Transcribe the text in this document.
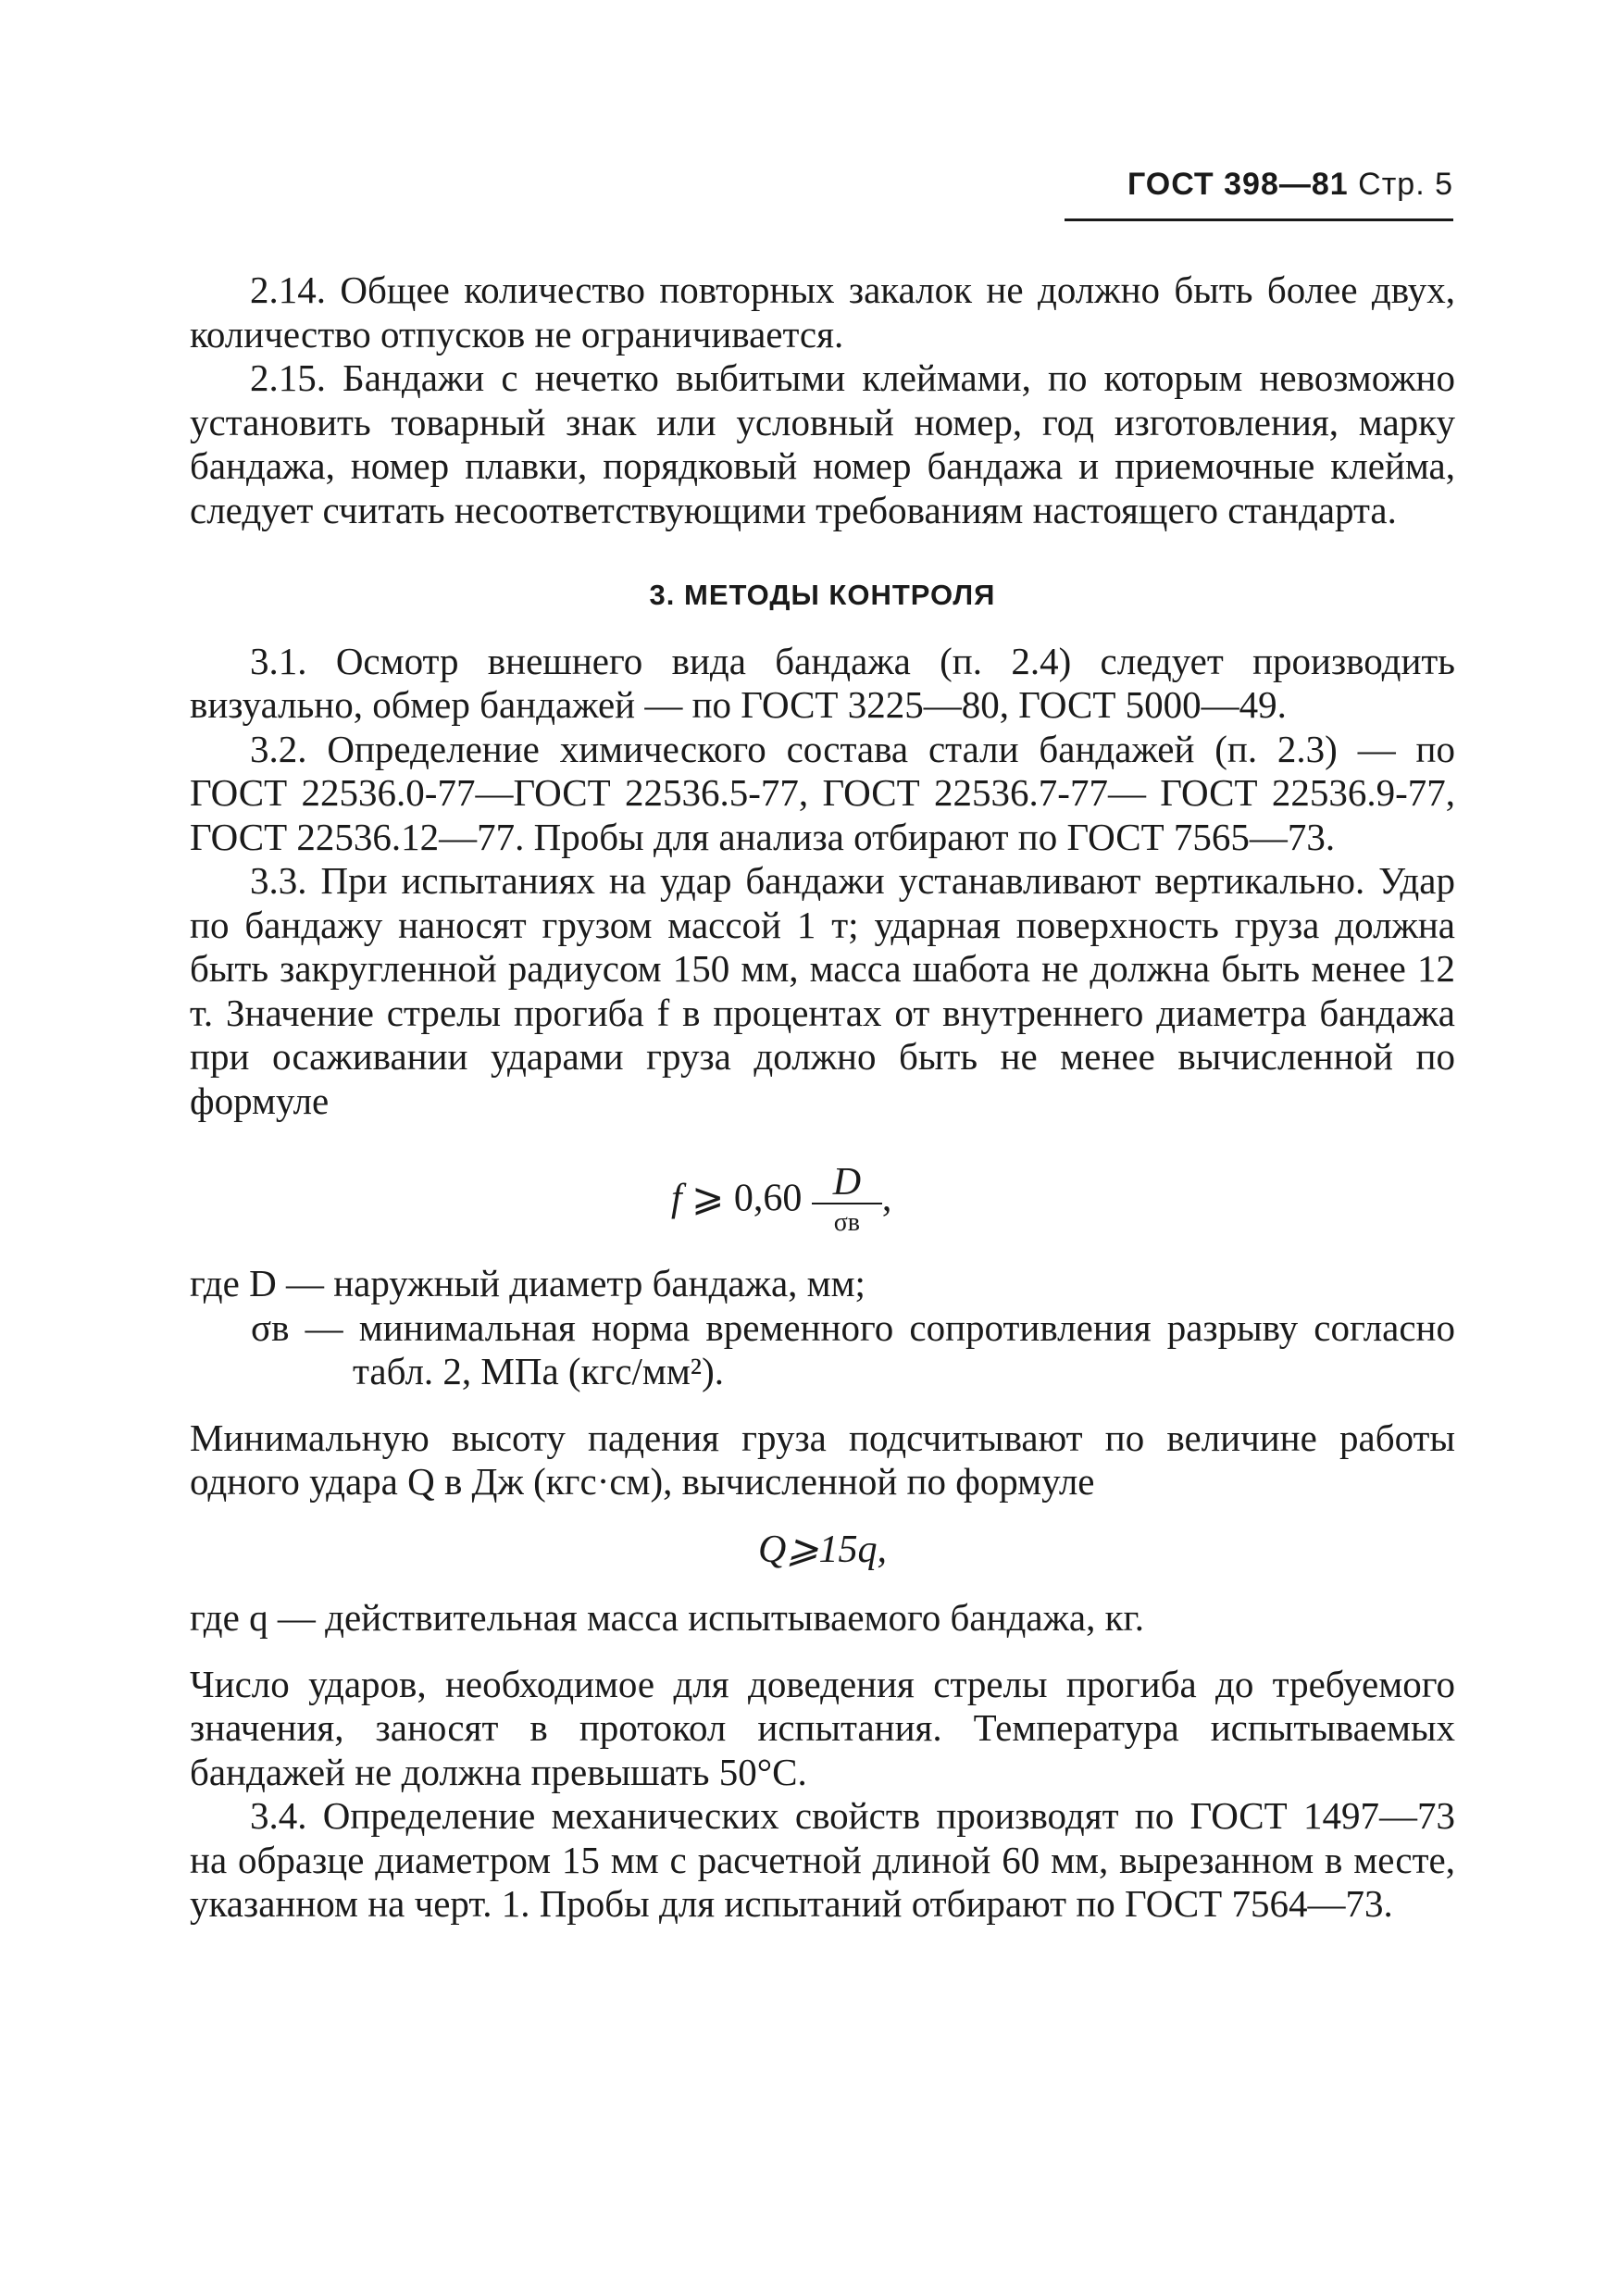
ГОСТ 398—81 Стр. 5

2.14. Общее количество повторных закалок не должно быть более двух, количество отпусков не ограничивается.

2.15. Бандажи с нечетко выбитыми клеймами, по которым невозможно установить товарный знак или условный номер, год изготовления, марку бандажа, номер плавки, порядковый номер бандажа и приемочные клейма, следует считать несоответствующими требованиям настоящего стандарта.

3. МЕТОДЫ КОНТРОЛЯ

3.1. Осмотр внешнего вида бандажа (п. 2.4) следует производить визуально, обмер бандажей — по ГОСТ 3225—80, ГОСТ 5000—49.

3.2. Определение химического состава стали бандажей (п. 2.3) — по ГОСТ 22536.0-77—ГОСТ 22536.5-77, ГОСТ 22536.7-77— ГОСТ 22536.9-77, ГОСТ 22536.12—77. Пробы для анализа отбирают по ГОСТ 7565—73.

3.3. При испытаниях на удар бандажи устанавливают вертикально. Удар по бандажу наносят грузом массой 1 т; ударная поверхность груза должна быть закругленной радиусом 150 мм, масса шабота не должна быть менее 12 т. Значение стрелы прогиба f в процентах от внутреннего диаметра бандажа при осаживании ударами груза должно быть не менее вычисленной по формуле

f ⩾ $0,60 \frac{D}{\sigma в}$ ,

где D — наружный диаметр бандажа, мм;

σв — минимальная норма временного сопротивления разрыву согласно табл. 2, МПа (кгс/мм²).

Минимальную высоту падения груза подсчитывают по величине работы одного удара Q в Дж (кгс·см), вычисленной по формуле

Q⩾15q,

где q — действительная масса испытываемого бандажа, кг.

Число ударов, необходимое для доведения стрелы прогиба до требуемого значения, заносят в протокол испытания. Температура испытываемых бандажей не должна превышать 50°С.

3.4. Определение механических свойств производят по ГОСТ 1497—73 на образце диаметром 15 мм с расчетной длиной 60 мм, вырезанном в месте, указанном на черт. 1. Пробы для испытаний отбирают по ГОСТ 7564—73.
